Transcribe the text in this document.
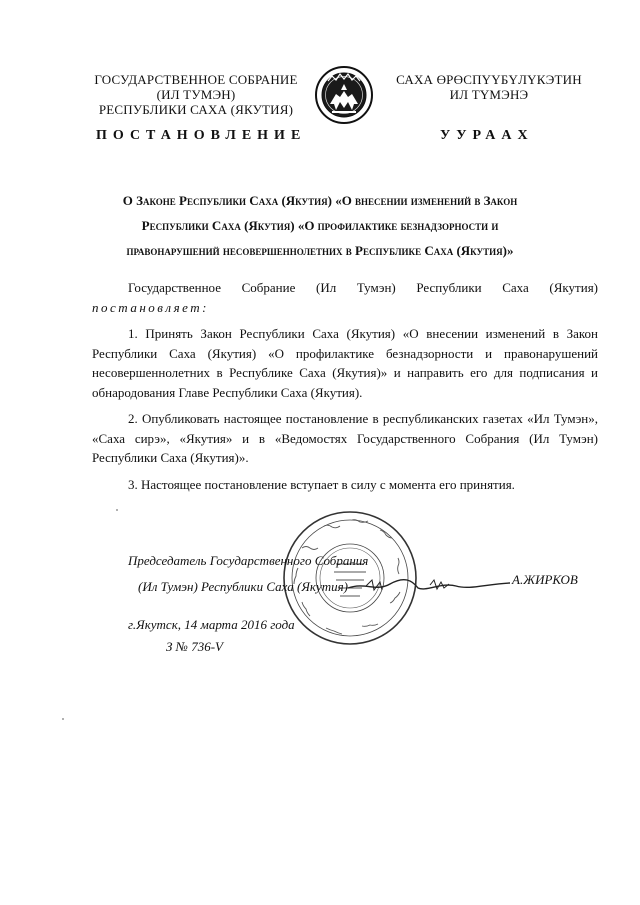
ГОСУДАРСТВЕННОЕ СОБРАНИЕ
(ИЛ ТУМЭН)
РЕСПУБЛИКИ САХА (ЯКУТИЯ)
САХА ӨРӨСПҮҮБҮЛҮКЭТИН
ИЛ ТҮМЭНЭ
ПОСТАНОВЛЕНИЕ	УУРААХ
О Законе Республики Саха (Якутия) «О внесении изменений в Закон
Республики Саха (Якутия) «О профилактике безнадзорности и
правонарушений несовершеннолетних в Республике Саха (Якутия)»

Государственное Собрание (Ил Тумэн) Республики Саха (Якутия)

постановляет:

1. Принять Закон Республики Саха (Якутия) «О внесении изменений в Закон Республики Саха (Якутия) «О профилактике безнадзорности и правонарушений несовершеннолетних в Республике Саха (Якутия)» и направить его для подписания и обнародования Главе Республики Саха (Якутия).

2. Опубликовать настоящее постановление в республиканских газетах «Ил Тумэн», «Саха сирэ», «Якутия» и в «Ведомостях Государственного Собрания (Ил Тумэн) Республики Саха (Якутия)».

3. Настоящее постановление вступает в силу с момента его принятия.

Председатель Государственного Собрания
(Ил Тумэн) Республики Саха (Якутия)	А.ЖИРКОВ
г.Якутск, 14 марта 2016 года
З № 736-V
